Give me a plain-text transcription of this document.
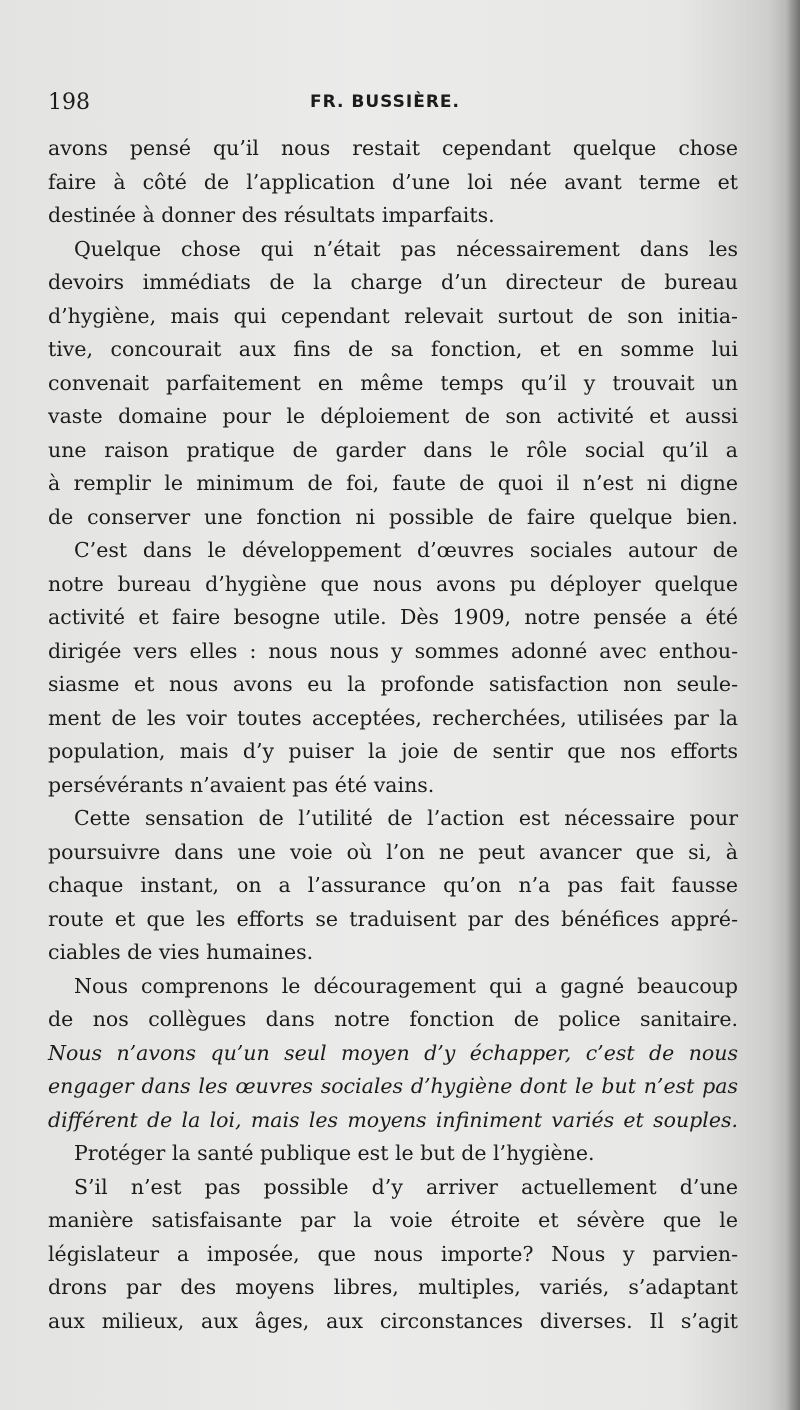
198	FR. BUSSIÈRE.
avons pensé qu’il nous restait cependant quelque chose
faire à côté de l’application d’une loi née avant terme et
destinée à donner des résultats imparfaits.
Quelque chose qui n’était pas nécessairement dans les
devoirs immédiats de la charge d’un directeur de bureau
d’hygiène, mais qui cependant relevait surtout de son initia-
tive, concourait aux fins de sa fonction, et en somme lui
convenait parfaitement en même temps qu’il y trouvait un
vaste domaine pour le déploiement de son activité et aussi
une raison pratique de garder dans le rôle social qu’il a
à remplir le minimum de foi, faute de quoi il n’est ni digne
de conserver une fonction ni possible de faire quelque bien.
C’est dans le développement d’œuvres sociales autour de
notre bureau d’hygiène que nous avons pu déployer quelque
activité et faire besogne utile. Dès 1909, notre pensée a été
dirigée vers elles : nous nous y sommes adonné avec enthou-
siasme et nous avons eu la profonde satisfaction non seule-
ment de les voir toutes acceptées, recherchées, utilisées par la
population, mais d’y puiser la joie de sentir que nos efforts
persévérants n’avaient pas été vains.
Cette sensation de l’utilité de l’action est nécessaire pour
poursuivre dans une voie où l’on ne peut avancer que si, à
chaque instant, on a l’assurance qu’on n’a pas fait fausse
route et que les efforts se traduisent par des bénéfices appré-
ciables de vies humaines.
Nous comprenons le découragement qui a gagné beaucoup
de nos collègues dans notre fonction de police sanitaire.
Nous n’avons qu’un seul moyen d’y échapper, c’est de nous
engager dans les œuvres sociales d’hygiène dont le but n’est pas
différent de la loi, mais les moyens infiniment variés et souples.
Protéger la santé publique est le but de l’hygiène.
S’il n’est pas possible d’y arriver actuellement d’une
manière satisfaisante par la voie étroite et sévère que le
législateur a imposée, que nous importe? Nous y parvien-
drons par des moyens libres, multiples, variés, s’adaptant
aux milieux, aux âges, aux circonstances diverses. Il s’agit
